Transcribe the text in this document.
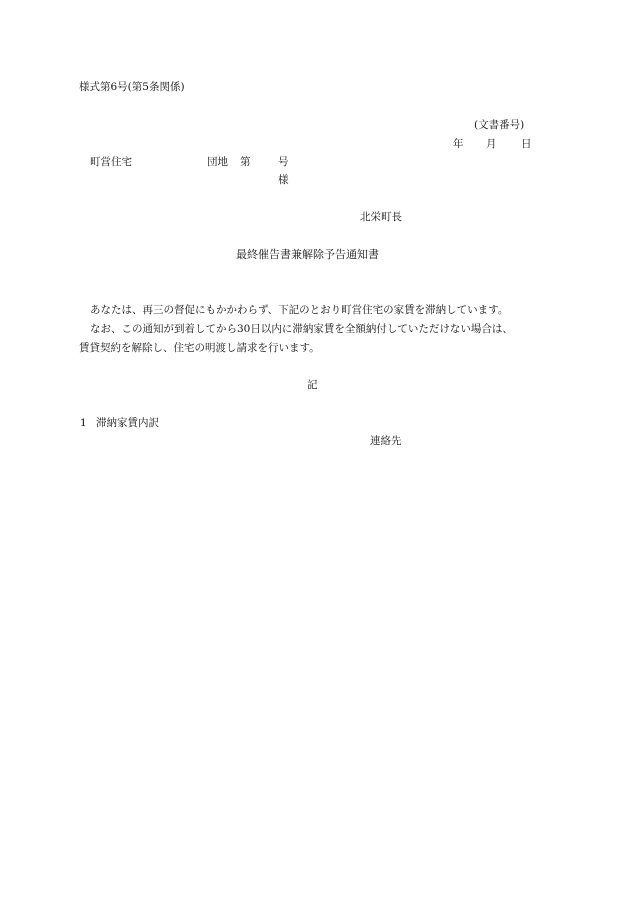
様式第6号(第5条関係)
(文書番号)
年 月 日
町営住宅	団地 第	号
様
北栄町長
最終催告書兼解除予告通知書
あなたは、再三の督促にもかかわらず、下記のとおり町営住宅の家賃を滞納しています。
なお、この通知が到着してから30日以内に滞納家賃を全額納付していただけない場合は、
賃貸契約を解除し、住宅の明渡し請求を行います。
記
1 滞納家賃内訳
連絡先
